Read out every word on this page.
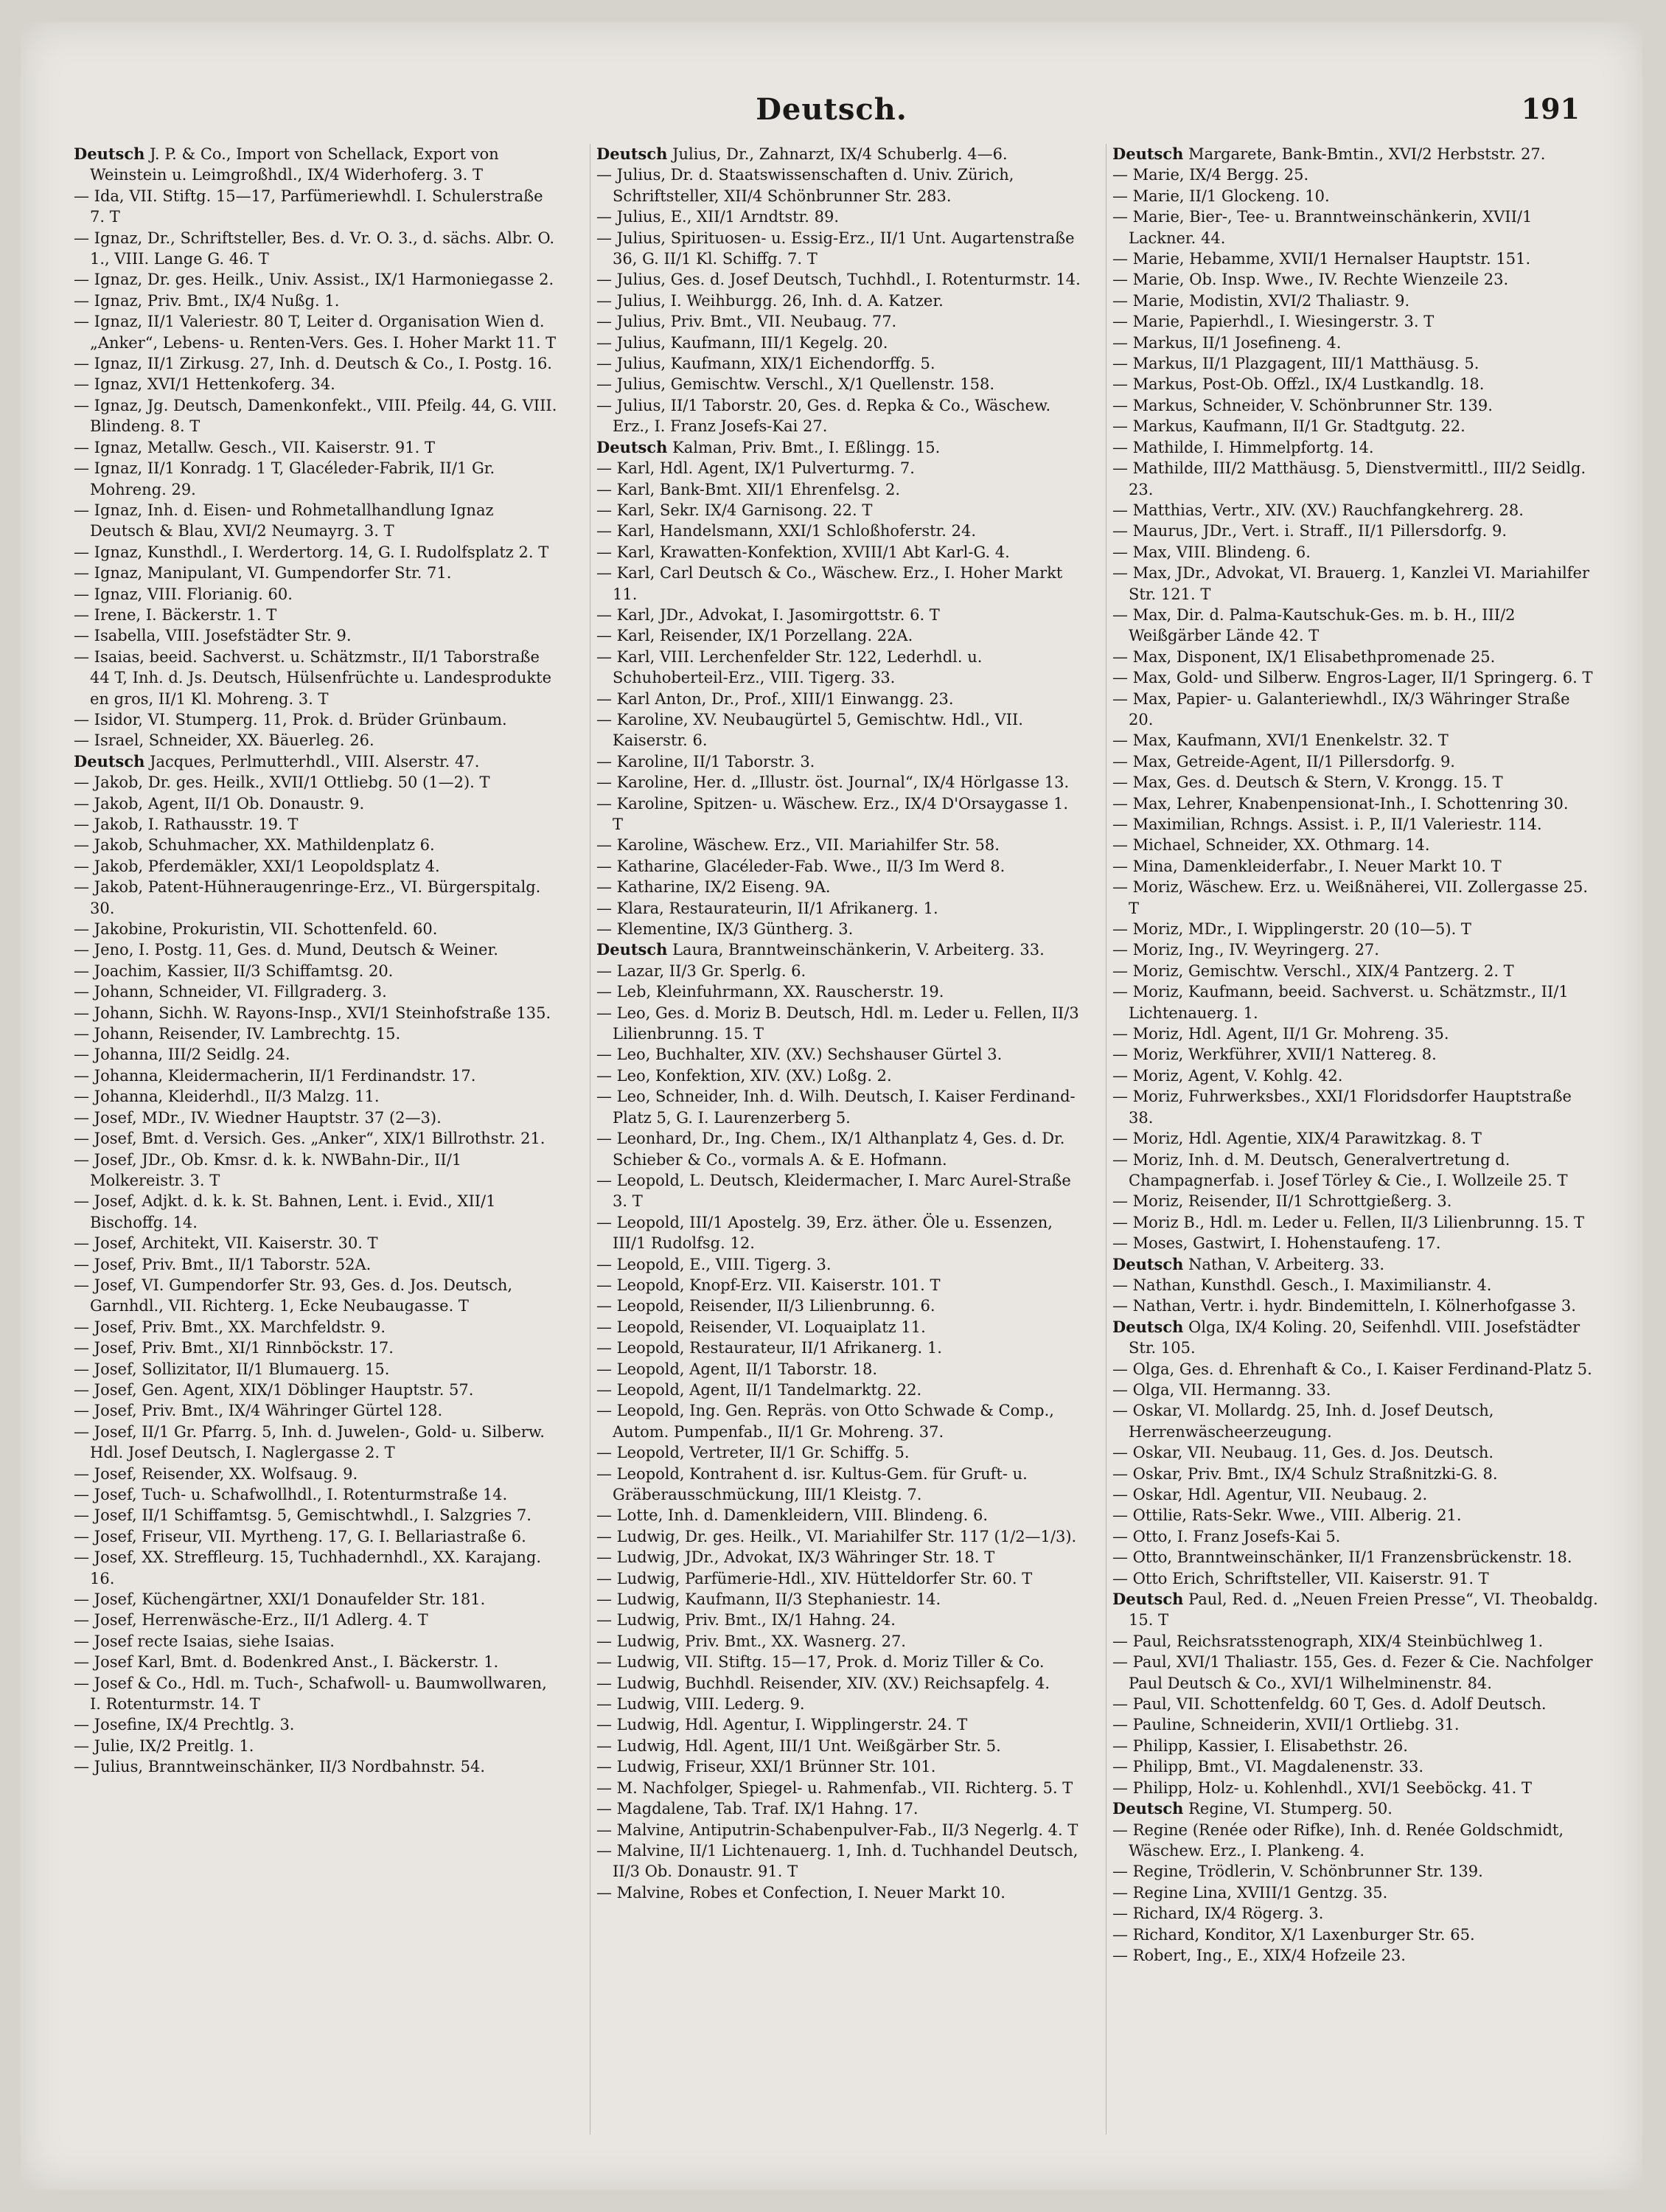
Deutsch.	191

Deutsch J. P. & Co., Import von Schellack, Export von Weinstein u. Leimgroßhdl., IX/4 Widerhoferg. 3. T

— Ida, VII. Stiftg. 15—17, Parfümeriewhdl. I. Schulerstraße 7. T

— Ignaz, Dr., Schriftsteller, Bes. d. Vr. O. 3., d. sächs. Albr. O. 1., VIII. Lange G. 46. T

— Ignaz, Dr. ges. Heilk., Univ. Assist., IX/1 Harmoniegasse 2.

— Ignaz, Priv. Bmt., IX/4 Nußg. 1.

— Ignaz, II/1 Valeriestr. 80 T, Leiter d. Organisation Wien d. „Anker“, Lebens- u. Renten-Vers. Ges. I. Hoher Markt 11. T

— Ignaz, II/1 Zirkusg. 27, Inh. d. Deutsch & Co., I. Postg. 16.

— Ignaz, XVI/1 Hettenkoferg. 34.

— Ignaz, Jg. Deutsch, Damenkonfekt., VIII. Pfeilg. 44, G. VIII. Blindeng. 8. T

— Ignaz, Metallw. Gesch., VII. Kaiserstr. 91. T

— Ignaz, II/1 Konradg. 1 T, Glacéleder-Fabrik, II/1 Gr. Mohreng. 29.

— Ignaz, Inh. d. Eisen- und Rohmetallhandlung Ignaz Deutsch & Blau, XVI/2 Neumayrg. 3. T

— Ignaz, Kunsthdl., I. Werdertorg. 14, G. I. Rudolfsplatz 2. T

— Ignaz, Manipulant, VI. Gumpendorfer Str. 71.

— Ignaz, VIII. Florianig. 60.

— Irene, I. Bäckerstr. 1. T

— Isabella, VIII. Josefstädter Str. 9.

— Isaias, beeid. Sachverst. u. Schätzmstr., II/1 Taborstraße 44 T, Inh. d. Js. Deutsch, Hülsenfrüchte u. Landesprodukte en gros, II/1 Kl. Mohreng. 3. T

— Isidor, VI. Stumperg. 11, Prok. d. Brüder Grünbaum.

— Israel, Schneider, XX. Bäuerleg. 26.

Deutsch Jacques, Perlmutterhdl., VIII. Alserstr. 47.

— Jakob, Dr. ges. Heilk., XVII/1 Ottliebg. 50 (1—2). T

— Jakob, Agent, II/1 Ob. Donaustr. 9.

— Jakob, I. Rathausstr. 19. T

— Jakob, Schuhmacher, XX. Mathildenplatz 6.

— Jakob, Pferdemäkler, XXI/1 Leopoldsplatz 4.

— Jakob, Patent-Hühneraugenringe-Erz., VI. Bürgerspitalg. 30.

— Jakobine, Prokuristin, VII. Schottenfeld. 60.

— Jeno, I. Postg. 11, Ges. d. Mund, Deutsch & Weiner.

— Joachim, Kassier, II/3 Schiffamtsg. 20.

— Johann, Schneider, VI. Fillgraderg. 3.

— Johann, Sichh. W. Rayons-Insp., XVI/1 Steinhofstraße 135.

— Johann, Reisender, IV. Lambrechtg. 15.

— Johanna, III/2 Seidlg. 24.

— Johanna, Kleidermacherin, II/1 Ferdinandstr. 17.

— Johanna, Kleiderhdl., II/3 Malzg. 11.

— Josef, MDr., IV. Wiedner Hauptstr. 37 (2—3).

— Josef, Bmt. d. Versich. Ges. „Anker“, XIX/1 Billrothstr. 21.

— Josef, JDr., Ob. Kmsr. d. k. k. NWBahn-Dir., II/1 Molkereistr. 3. T

— Josef, Adjkt. d. k. k. St. Bahnen, Lent. i. Evid., XII/1 Bischoffg. 14.

— Josef, Architekt, VII. Kaiserstr. 30. T

— Josef, Priv. Bmt., II/1 Taborstr. 52A.

— Josef, VI. Gumpendorfer Str. 93, Ges. d. Jos. Deutsch, Garnhdl., VII. Richterg. 1, Ecke Neubaugasse. T

— Josef, Priv. Bmt., XX. Marchfeldstr. 9.

— Josef, Priv. Bmt., XI/1 Rinnböckstr. 17.

— Josef, Sollizitator, II/1 Blumauerg. 15.

— Josef, Gen. Agent, XIX/1 Döblinger Hauptstr. 57.

— Josef, Priv. Bmt., IX/4 Währinger Gürtel 128.

— Josef, II/1 Gr. Pfarrg. 5, Inh. d. Juwelen-, Gold- u. Silberw. Hdl. Josef Deutsch, I. Naglergasse 2. T

— Josef, Reisender, XX. Wolfsaug. 9.

— Josef, Tuch- u. Schafwollhdl., I. Rotenturmstraße 14.

— Josef, II/1 Schiffamtsg. 5, Gemischtwhdl., I. Salzgries 7.

— Josef, Friseur, VII. Myrtheng. 17, G. I. Bellariastraße 6.

— Josef, XX. Streffleurg. 15, Tuchhadernhdl., XX. Karajang. 16.

— Josef, Küchengärtner, XXI/1 Donaufelder Str. 181.

— Josef, Herrenwäsche-Erz., II/1 Adlerg. 4. T

— Josef recte Isaias, siehe Isaias.

— Josef Karl, Bmt. d. Bodenkred Anst., I. Bäckerstr. 1.

— Josef & Co., Hdl. m. Tuch-, Schafwoll- u. Baumwollwaren, I. Rotenturmstr. 14. T

— Josefine, IX/4 Prechtlg. 3.

— Julie, IX/2 Preitlg. 1.

— Julius, Branntweinschänker, II/3 Nordbahnstr. 54.

Deutsch Julius, Dr., Zahnarzt, IX/4 Schuberlg. 4—6.

— Julius, Dr. d. Staatswissenschaften d. Univ. Zürich, Schriftsteller, XII/4 Schönbrunner Str. 283.

— Julius, E., XII/1 Arndtstr. 89.

— Julius, Spirituosen- u. Essig-Erz., II/1 Unt. Augartenstraße 36, G. II/1 Kl. Schiffg. 7. T

— Julius, Ges. d. Josef Deutsch, Tuchhdl., I. Rotenturmstr. 14.

— Julius, I. Weihburgg. 26, Inh. d. A. Katzer.

— Julius, Priv. Bmt., VII. Neubaug. 77.

— Julius, Kaufmann, III/1 Kegelg. 20.

— Julius, Kaufmann, XIX/1 Eichendorffg. 5.

— Julius, Gemischtw. Verschl., X/1 Quellenstr. 158.

— Julius, II/1 Taborstr. 20, Ges. d. Repka & Co., Wäschew. Erz., I. Franz Josefs-Kai 27.

Deutsch Kalman, Priv. Bmt., I. Eßlingg. 15.

— Karl, Hdl. Agent, IX/1 Pulverturmg. 7.

— Karl, Bank-Bmt. XII/1 Ehrenfelsg. 2.

— Karl, Sekr. IX/4 Garnisong. 22. T

— Karl, Handelsmann, XXI/1 Schloßhoferstr. 24.

— Karl, Krawatten-Konfektion, XVIII/1 Abt Karl-G. 4.

— Karl, Carl Deutsch & Co., Wäschew. Erz., I. Hoher Markt 11.

— Karl, JDr., Advokat, I. Jasomirgottstr. 6. T

— Karl, Reisender, IX/1 Porzellang. 22A.

— Karl, VIII. Lerchenfelder Str. 122, Lederhdl. u. Schuhoberteil-Erz., VIII. Tigerg. 33.

— Karl Anton, Dr., Prof., XIII/1 Einwangg. 23.

— Karoline, XV. Neubaugürtel 5, Gemischtw. Hdl., VII. Kaiserstr. 6.

— Karoline, II/1 Taborstr. 3.

— Karoline, Her. d. „Illustr. öst. Journal“, IX/4 Hörlgasse 13.

— Karoline, Spitzen- u. Wäschew. Erz., IX/4 D'Orsaygasse 1. T

— Karoline, Wäschew. Erz., VII. Mariahilfer Str. 58.

— Katharine, Glacéleder-Fab. Wwe., II/3 Im Werd 8.

— Katharine, IX/2 Eiseng. 9A.

— Klara, Restaurateurin, II/1 Afrikanerg. 1.

— Klementine, IX/3 Güntherg. 3.

Deutsch Laura, Branntweinschänkerin, V. Arbeiterg. 33.

— Lazar, II/3 Gr. Sperlg. 6.

— Leb, Kleinfuhrmann, XX. Rauscherstr. 19.

— Leo, Ges. d. Moriz B. Deutsch, Hdl. m. Leder u. Fellen, II/3 Lilienbrunng. 15. T

— Leo, Buchhalter, XIV. (XV.) Sechshauser Gürtel 3.

— Leo, Konfektion, XIV. (XV.) Loßg. 2.

— Leo, Schneider, Inh. d. Wilh. Deutsch, I. Kaiser Ferdinand-Platz 5, G. I. Laurenzerberg 5.

— Leonhard, Dr., Ing. Chem., IX/1 Althanplatz 4, Ges. d. Dr. Schieber & Co., vormals A. & E. Hofmann.

— Leopold, L. Deutsch, Kleidermacher, I. Marc Aurel-Straße 3. T

— Leopold, III/1 Apostelg. 39, Erz. äther. Öle u. Essenzen, III/1 Rudolfsg. 12.

— Leopold, E., VIII. Tigerg. 3.

— Leopold, Knopf-Erz. VII. Kaiserstr. 101. T

— Leopold, Reisender, II/3 Lilienbrunng. 6.

— Leopold, Reisender, VI. Loquaiplatz 11.

— Leopold, Restaurateur, II/1 Afrikanerg. 1.

— Leopold, Agent, II/1 Taborstr. 18.

— Leopold, Agent, II/1 Tandelmarktg. 22.

— Leopold, Ing. Gen. Repräs. von Otto Schwade & Comp., Autom. Pumpenfab., II/1 Gr. Mohreng. 37.

— Leopold, Vertreter, II/1 Gr. Schiffg. 5.

— Leopold, Kontrahent d. isr. Kultus-Gem. für Gruft- u. Gräberausschmückung, III/1 Kleistg. 7.

— Lotte, Inh. d. Damenkleidern, VIII. Blindeng. 6.

— Ludwig, Dr. ges. Heilk., VI. Mariahilfer Str. 117 (1/2—1/3).

— Ludwig, JDr., Advokat, IX/3 Währinger Str. 18. T

— Ludwig, Parfümerie-Hdl., XIV. Hütteldorfer Str. 60. T

— Ludwig, Kaufmann, II/3 Stephaniestr. 14.

— Ludwig, Priv. Bmt., IX/1 Hahng. 24.

— Ludwig, Priv. Bmt., XX. Wasnerg. 27.

— Ludwig, VII. Stiftg. 15—17, Prok. d. Moriz Tiller & Co.

— Ludwig, Buchhdl. Reisender, XIV. (XV.) Reichsapfelg. 4.

— Ludwig, VIII. Lederg. 9.

— Ludwig, Hdl. Agentur, I. Wipplingerstr. 24. T

— Ludwig, Hdl. Agent, III/1 Unt. Weißgärber Str. 5.

— Ludwig, Friseur, XXI/1 Brünner Str. 101.

— M. Nachfolger, Spiegel- u. Rahmenfab., VII. Richterg. 5. T

— Magdalene, Tab. Traf. IX/1 Hahng. 17.

— Malvine, Antiputrin-Schabenpulver-Fab., II/3 Negerlg. 4. T

— Malvine, II/1 Lichtenauerg. 1, Inh. d. Tuchhandel Deutsch, II/3 Ob. Donaustr. 91. T

— Malvine, Robes et Confection, I. Neuer Markt 10.

Deutsch Margarete, Bank-Bmtin., XVI/2 Herbststr. 27.

— Marie, IX/4 Bergg. 25.

— Marie, II/1 Glockeng. 10.

— Marie, Bier-, Tee- u. Branntweinschänkerin, XVII/1 Lackner. 44.

— Marie, Hebamme, XVII/1 Hernalser Hauptstr. 151.

— Marie, Ob. Insp. Wwe., IV. Rechte Wienzeile 23.

— Marie, Modistin, XVI/2 Thaliastr. 9.

— Marie, Papierhdl., I. Wiesingerstr. 3. T

— Markus, II/1 Josefineng. 4.

— Markus, II/1 Plazgagent, III/1 Matthäusg. 5.

— Markus, Post-Ob. Offzl., IX/4 Lustkandlg. 18.

— Markus, Schneider, V. Schönbrunner Str. 139.

— Markus, Kaufmann, II/1 Gr. Stadtgutg. 22.

— Mathilde, I. Himmelpfortg. 14.

— Mathilde, III/2 Matthäusg. 5, Dienstvermittl., III/2 Seidlg. 23.

— Matthias, Vertr., XIV. (XV.) Rauchfangkehrerg. 28.

— Maurus, JDr., Vert. i. Straff., II/1 Pillersdorfg. 9.

— Max, VIII. Blindeng. 6.

— Max, JDr., Advokat, VI. Brauerg. 1, Kanzlei VI. Mariahilfer Str. 121. T

— Max, Dir. d. Palma-Kautschuk-Ges. m. b. H., III/2 Weißgärber Lände 42. T

— Max, Disponent, IX/1 Elisabethpromenade 25.

— Max, Gold- und Silberw. Engros-Lager, II/1 Springerg. 6. T

— Max, Papier- u. Galanteriewhdl., IX/3 Währinger Straße 20.

— Max, Kaufmann, XVI/1 Enenkelstr. 32. T

— Max, Getreide-Agent, II/1 Pillersdorfg. 9.

— Max, Ges. d. Deutsch & Stern, V. Krongg. 15. T

— Max, Lehrer, Knabenpensionat-Inh., I. Schottenring 30.

— Maximilian, Rchngs. Assist. i. P., II/1 Valeriestr. 114.

— Michael, Schneider, XX. Othmarg. 14.

— Mina, Damenkleiderfabr., I. Neuer Markt 10. T

— Moriz, Wäschew. Erz. u. Weißnäherei, VII. Zollergasse 25. T

— Moriz, MDr., I. Wipplingerstr. 20 (10—5). T

— Moriz, Ing., IV. Weyringerg. 27.

— Moriz, Gemischtw. Verschl., XIX/4 Pantzerg. 2. T

— Moriz, Kaufmann, beeid. Sachverst. u. Schätzmstr., II/1 Lichtenauerg. 1.

— Moriz, Hdl. Agent, II/1 Gr. Mohreng. 35.

— Moriz, Werkführer, XVII/1 Nattereg. 8.

— Moriz, Agent, V. Kohlg. 42.

— Moriz, Fuhrwerksbes., XXI/1 Floridsdorfer Hauptstraße 38.

— Moriz, Hdl. Agentie, XIX/4 Parawitzkag. 8. T

— Moriz, Inh. d. M. Deutsch, Generalvertretung d. Champagnerfab. i. Josef Törley & Cie., I. Wollzeile 25. T

— Moriz, Reisender, II/1 Schrottgießerg. 3.

— Moriz B., Hdl. m. Leder u. Fellen, II/3 Lilienbrunng. 15. T

— Moses, Gastwirt, I. Hohenstaufeng. 17.

Deutsch Nathan, V. Arbeiterg. 33.

— Nathan, Kunsthdl. Gesch., I. Maximilianstr. 4.

— Nathan, Vertr. i. hydr. Bindemitteln, I. Kölnerhofgasse 3.

Deutsch Olga, IX/4 Koling. 20, Seifenhdl. VIII. Josefstädter Str. 105.

— Olga, Ges. d. Ehrenhaft & Co., I. Kaiser Ferdinand-Platz 5.

— Olga, VII. Hermanng. 33.

— Oskar, VI. Mollardg. 25, Inh. d. Josef Deutsch, Herrenwäscheerzeugung.

— Oskar, VII. Neubaug. 11, Ges. d. Jos. Deutsch.

— Oskar, Priv. Bmt., IX/4 Schulz Straßnitzki-G. 8.

— Oskar, Hdl. Agentur, VII. Neubaug. 2.

— Ottilie, Rats-Sekr. Wwe., VIII. Alberig. 21.

— Otto, I. Franz Josefs-Kai 5.

— Otto, Branntweinschänker, II/1 Franzensbrückenstr. 18.

— Otto Erich, Schriftsteller, VII. Kaiserstr. 91. T

Deutsch Paul, Red. d. „Neuen Freien Presse“, VI. Theobaldg. 15. T

— Paul, Reichsratsstenograph, XIX/4 Steinbüchlweg 1.

— Paul, XVI/1 Thaliastr. 155, Ges. d. Fezer & Cie. Nachfolger Paul Deutsch & Co., XVI/1 Wilhelminenstr. 84.

— Paul, VII. Schottenfeldg. 60 T, Ges. d. Adolf Deutsch.

— Pauline, Schneiderin, XVII/1 Ortliebg. 31.

— Philipp, Kassier, I. Elisabethstr. 26.

— Philipp, Bmt., VI. Magdalenenstr. 33.

— Philipp, Holz- u. Kohlenhdl., XVI/1 Seeböckg. 41. T

Deutsch Regine, VI. Stumperg. 50.

— Regine (Renée oder Rifke), Inh. d. Renée Goldschmidt, Wäschew. Erz., I. Plankeng. 4.

— Regine, Trödlerin, V. Schönbrunner Str. 139.

— Regine Lina, XVIII/1 Gentzg. 35.

— Richard, IX/4 Rögerg. 3.

— Richard, Konditor, X/1 Laxenburger Str. 65.

— Robert, Ing., E., XIX/4 Hofzeile 23.
